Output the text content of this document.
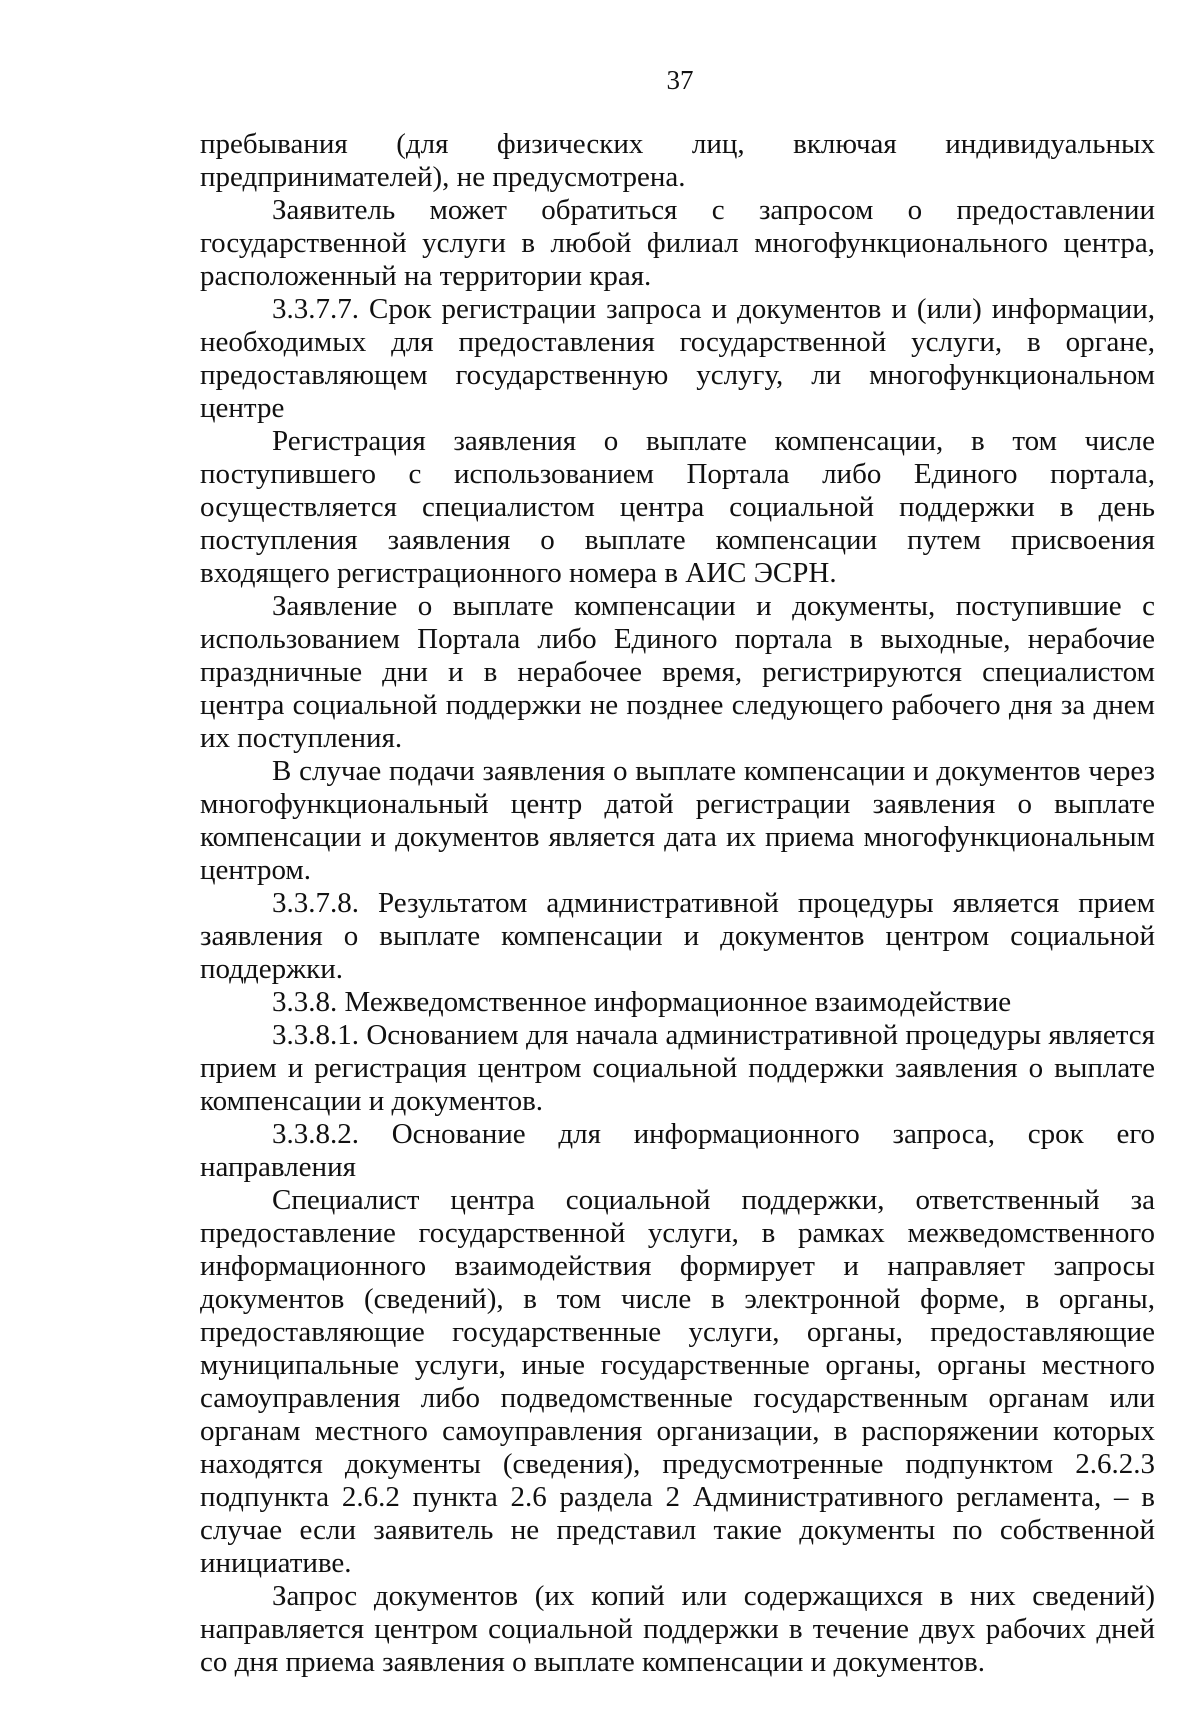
37

пребывания (для физических лиц, включая индивидуальных предпринимателей), не предусмотрена.

Заявитель может обратиться с запросом о предоставлении государственной услуги в любой филиал многофункционального центра, расположенный на территории края.

3.3.7.7. Срок регистрации запроса и документов и (или) информации, необходимых для предоставления государственной услуги, в органе, предоставляющем государственную услугу, ли многофункциональном центре

Регистрация заявления о выплате компенсации, в том числе поступившего с использованием Портала либо Единого портала, осуществляется специалистом центра социальной поддержки в день поступления заявления о выплате компенсации путем присвоения входящего регистрационного номера в АИС ЭСРН.

Заявление о выплате компенсации и документы, поступившие с использованием Портала либо Единого портала в выходные, нерабочие праздничные дни и в нерабочее время, регистрируются специалистом центра социальной поддержки не позднее следующего рабочего дня за днем их поступления.

В случае подачи заявления о выплате компенсации и документов через многофункциональный центр датой регистрации заявления о выплате компенсации и документов является дата их приема многофункциональным центром.

3.3.7.8. Результатом административной процедуры является прием заявления о выплате компенсации и документов центром социальной поддержки.

3.3.8. Межведомственное информационное взаимодействие

3.3.8.1. Основанием для начала административной процедуры является прием и регистрация центром социальной поддержки заявления о выплате компенсации и документов.

3.3.8.2. Основание для информационного запроса, срок его направления

Специалист центра социальной поддержки, ответственный за предоставление государственной услуги, в рамках межведомственного информационного взаимодействия формирует и направляет запросы документов (сведений), в том числе в электронной форме, в органы, предоставляющие государственные услуги, органы, предоставляющие муниципальные услуги, иные государственные органы, органы местного самоуправления либо подведомственные государственным органам или органам местного самоуправления организации, в распоряжении которых находятся документы (сведения), предусмотренные подпунктом 2.6.2.3 подпункта 2.6.2 пункта 2.6 раздела 2 Административного регламента, – в случае если заявитель не представил такие документы по собственной инициативе.

Запрос документов (их копий или содержащихся в них сведений) направляется центром социальной поддержки в течение двух рабочих дней со дня приема заявления о выплате компенсации и документов.
